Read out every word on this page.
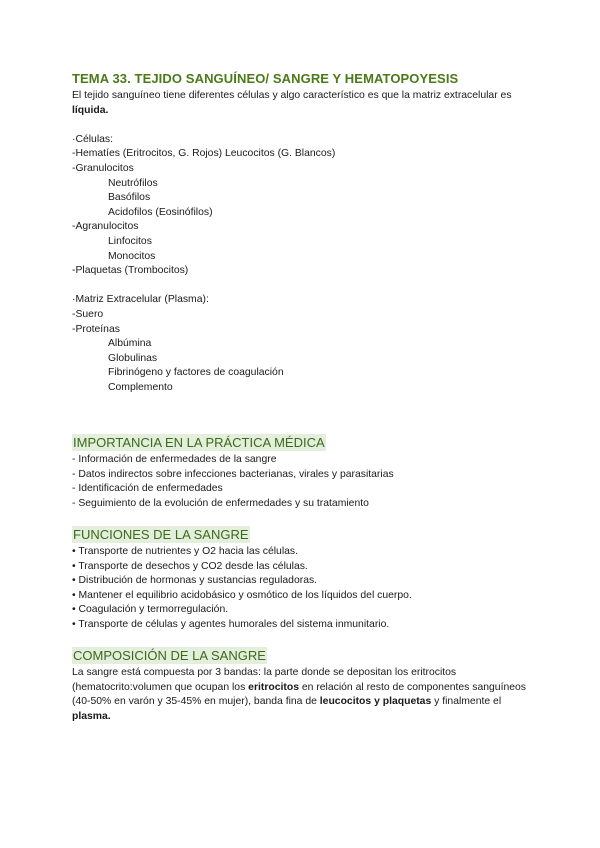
TEMA 33. TEJIDO SANGUÍNEO/ SANGRE Y HEMATOPOYESIS

El tejido sanguíneo tiene diferentes células y algo característico es que la matriz extracelular es líquida.

·Células:
-Hematíes (Eritrocitos, G. Rojos) Leucocitos (G. Blancos)
-Granulocitos
Neutrófilos
Basófilos
Acidofilos (Eosinófilos)
-Agranulocitos
Linfocitos
Monocitos
-Plaquetas (Trombocitos)
·Matriz Extracelular (Plasma):
-Suero
-Proteínas
Albúmina
Globulinas
Fibrinógeno y factores de coagulación
Complemento
IMPORTANCIA EN LA PRÁCTICA MÉDICA
- Información de enfermedades de la sangre
- Datos indirectos sobre infecciones bacterianas, virales y parasitarias
- Identificación de enfermedades
- Seguimiento de la evolución de enfermedades y su tratamiento
FUNCIONES DE LA SANGRE
• Transporte de nutrientes y O2 hacia las células.
• Transporte de desechos y CO2 desde las células.
• Distribución de hormonas y sustancias reguladoras.
• Mantener el equilibrio acidobásico y osmótico de los líquidos del cuerpo.
• Coagulación y termorregulación.
• Transporte de células y agentes humorales del sistema inmunitario.
COMPOSICIÓN DE LA SANGRE

La sangre está compuesta por 3 bandas: la parte donde se depositan los eritrocitos (hematocrito:volumen que ocupan los eritrocitos en relación al resto de componentes sanguíneos (40-50% en varón y 35-45% en mujer), banda fina de leucocitos y plaquetas y finalmente el plasma.
